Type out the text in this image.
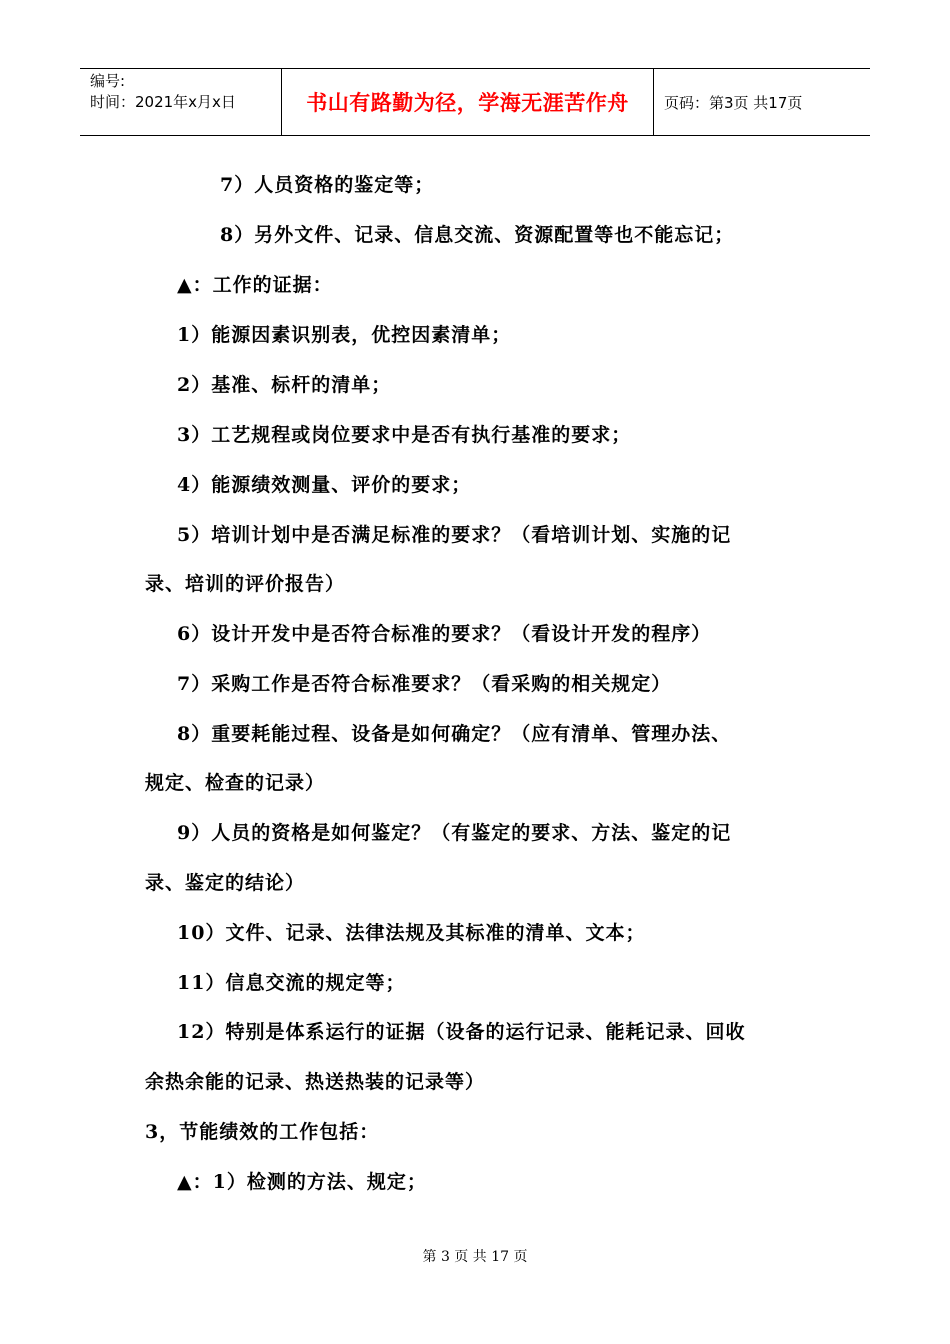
编号:
时间：2021年x月x日	书山有路勤为径，学海无涯苦作舟 页码：第3页 共17页
7）人员资格的鉴定等；
8）另外文件、记录、信息交流、资源配置等也不能忘记；
▲：工作的证据：
1）能源因素识别表，优控因素清单；
2）基准、标杆的清单；
3）工艺规程或岗位要求中是否有执行基准的要求；
4）能源绩效测量、评价的要求；
5）培训计划中是否满足标准的要求？（看培训计划、实施的记
录、培训的评价报告）
6）设计开发中是否符合标准的要求？（看设计开发的程序）
7）采购工作是否符合标准要求？（看采购的相关规定）
8）重要耗能过程、设备是如何确定？（应有清单、管理办法、
规定、检查的记录）
9）人员的资格是如何鉴定？（有鉴定的要求、方法、鉴定的记
录、鉴定的结论）
10）文件、记录、法律法规及其标准的清单、文本；
11）信息交流的规定等；
12）特别是体系运行的证据（设备的运行记录、能耗记录、回收
余热余能的记录、热送热装的记录等）
3，节能绩效的工作包括：
▲：1）检测的方法、规定；
第 3 页 共 17 页
